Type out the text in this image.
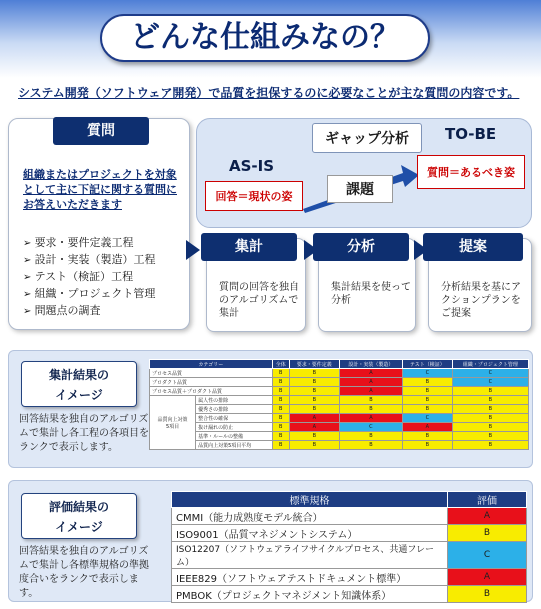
どんな仕組みなの？
システム開発（ソフトウェア開発）で品質を担保するのに必要なことが主な質問の内容です。
質問
組織またはプロジェクトを対象として主に下記に関する質問にお答えいただきます
➢ 要求・要件定義工程
➢ 設計・実装（製造）工程
➢ テスト（検証）工程
➢ 組織・プロジェクト管理
➢ 問題点の調査
ギャップ分析
AS-IS
回答＝現状の姿	課題
TO-BE
質問＝あるべき姿
集計
質問の回答を独自のアルゴリズムで集計
分析
集計結果を使って分析
提案
分析結果を基にアクションプランをご提案
集計結果の
イメージ
回答結果を独自のアルゴリズムで集計し各工程の各項目をランクで表示します。
カテゴリー		全体	要求・要件定義	設計・実装（製造）	テスト（検証）	組織・プロジェクト管理
プロセス品質		B	B	A	C	C
プロダクト品質		B	B	A	B	C
プロセス品質＋プロダクト品質		B	B	A	B	B

品質向上対策
5項目	属人性の排除	B	B	B	B	B
	優秀さの排除	B	B	B	B	B
	整合性の確保	B	A	A	C	B
	抜け漏れの防止	B	A	C	A	B
	基準・ルールの整備	B	B	B	B	B
	品質向上対策5項目平均	B	B	B	B	B
評価結果の
イメージ
回答結果を独自のアルゴリズムで集計し各標準規格の準拠度合いをランクで表示します。
標準規格	評価
CMMI（能力成熟度モデル統合）	A
ISO9001（品質マネジメントシステム）	B
ISO12207（ソフトウェアライフサイクルプロセス、共通フレーム）	C
IEEE829（ソフトウェアテストドキュメント標準）	A
PMBOK（プロジェクトマネジメント知識体系）	B
